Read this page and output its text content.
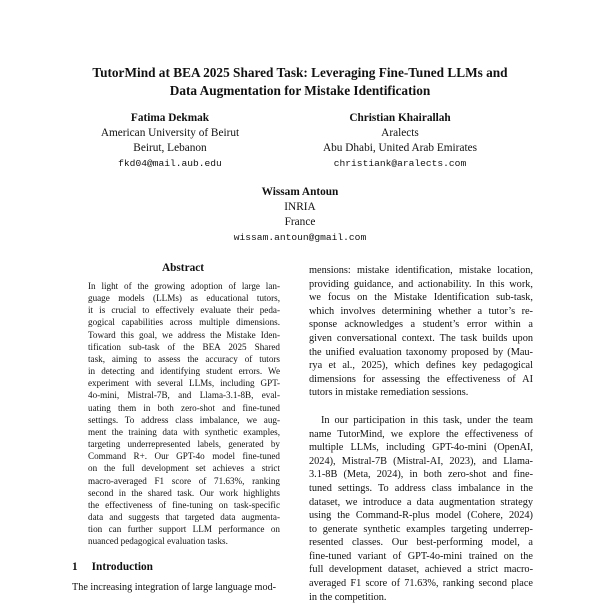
TutorMind at BEA 2025 Shared Task: Leveraging Fine-Tuned LLMs and
Data Augmentation for Mistake Identification
Fatima Dekmak
American University of Beirut
Beirut, Lebanon
fkd04@mail.aub.edu
Christian Khairallah
Aralects
Abu Dhabi, United Arab Emirates
christiank@aralects.com
Wissam Antoun
INRIA
France
wissam.antoun@gmail.com
Abstract
In light of the growing adoption of large lan-
guage models (LLMs) as educational tutors,
it is crucial to effectively evaluate their peda-
gogical capabilities across multiple dimensions.
Toward this goal, we address the Mistake Iden-
tification sub-task of the BEA 2025 Shared
task, aiming to assess the accuracy of tutors
in detecting and identifying student errors. We
experiment with several LLMs, including GPT-
4o-mini, Mistral-7B, and Llama-3.1-8B, eval-
uating them in both zero-shot and fine-tuned
settings. To address class imbalance, we aug-
ment the training data with synthetic examples,
targeting underrepresented labels, generated by
Command R+. Our GPT-4o model fine-tuned
on the full development set achieves a strict
macro-averaged F1 score of 71.63%, ranking
second in the shared task. Our work highlights
the effectiveness of fine-tuning on task-specific
data and suggests that targeted data augmenta-
tion can further support LLM performance on
nuanced pedagogical evaluation tasks.
1 Introduction
The increasing integration of large language mod-

mensions: mistake identification, mistake location,
providing guidance, and actionability. In this work,
we focus on the Mistake Identification sub-task,
which involves determining whether a tutor’s re-
sponse acknowledges a student’s error within a
given conversational context. The task builds upon
the unified evaluation taxonomy proposed by (Mau-
rya et al., 2025), which defines key pedagogical
dimensions for assessing the effectiveness of AI
tutors in mistake remediation sessions.

In our participation in this task, under the team
name TutorMind, we explore the effectiveness of
multiple LLMs, including GPT-4o-mini (OpenAI,
2024), Mistral-7B (Mistral-AI, 2023), and Llama-
3.1-8B (Meta, 2024), in both zero-shot and fine-
tuned settings. To address class imbalance in the
dataset, we introduce a data augmentation strategy
using the Command-R-plus model (Cohere, 2024)
to generate synthetic examples targeting underrep-
resented classes. Our best-performing model, a
fine-tuned variant of GPT-4o-mini trained on the
full development dataset, achieved a strict macro-
averaged F1 score of 71.63%, ranking second place
in the competition.
